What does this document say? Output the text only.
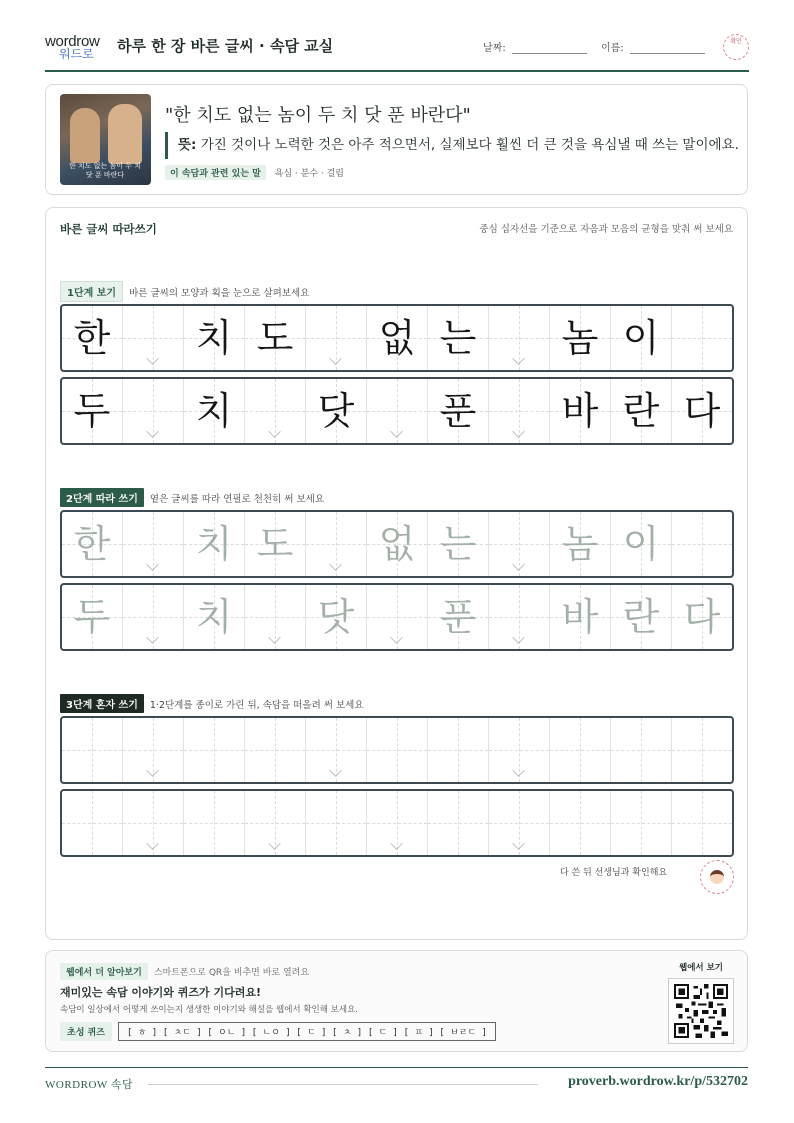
wordrow
워드로 하루 한 장 바른 글씨 · 속담 교실	날짜:	이름:
확인
한 치도 없는 놈이 두 치 닷 푼 바란다
"한 치도 없는 놈이 두 치 닷 푼 바란다"
뜻: 가진 것이나 노력한 것은 아주 적으면서, 실제보다 훨씬 더 큰 것을 욕심낼 때 쓰는 말이에요.
이 속담과 관련 있는 말 욕심 · 분수 · 걸림
바른 글씨 따라쓰기	중심 십자선을 기준으로 자음과 모음의 균형을 맞춰 써 보세요
1단계 보기 바른 글씨의 모양과 획을 눈으로 살펴보세요
한	치 도	없 는	놈 이
두	치	닷	푼	바 란 다
2단계 따라 쓰기 옅은 글씨를 따라 연필로 천천히 써 보세요
한	치 도	없 는	놈 이
두	치	닷	푼	바 란 다
3단계 혼자 쓰기 1·2단계를 종이로 가린 뒤, 속담을 떠올려 써 보세요
다 쓴 뒤 선생님과 확인해요
웹에서 더 알아보기 스마트폰으로 QR을 비추면 바로 열려요
재미있는 속담 이야기와 퀴즈가 기다려요!
속담이 일상에서 어떻게 쓰이는지 생생한 이야기와 해설을 웹에서 확인해 보세요.
초성 퀴즈 [ ㅎ ] [ ㅊㄷ ] [ ㅇㄴ ] [ ㄴㅇ ] [ ㄷ ] [ ㅊ ] [ ㄷ ] [ ㅍ ] [ ㅂㄹㄷ ]
웹에서 보기
WORDROW 속담	proverb.wordrow.kr/p/532702
